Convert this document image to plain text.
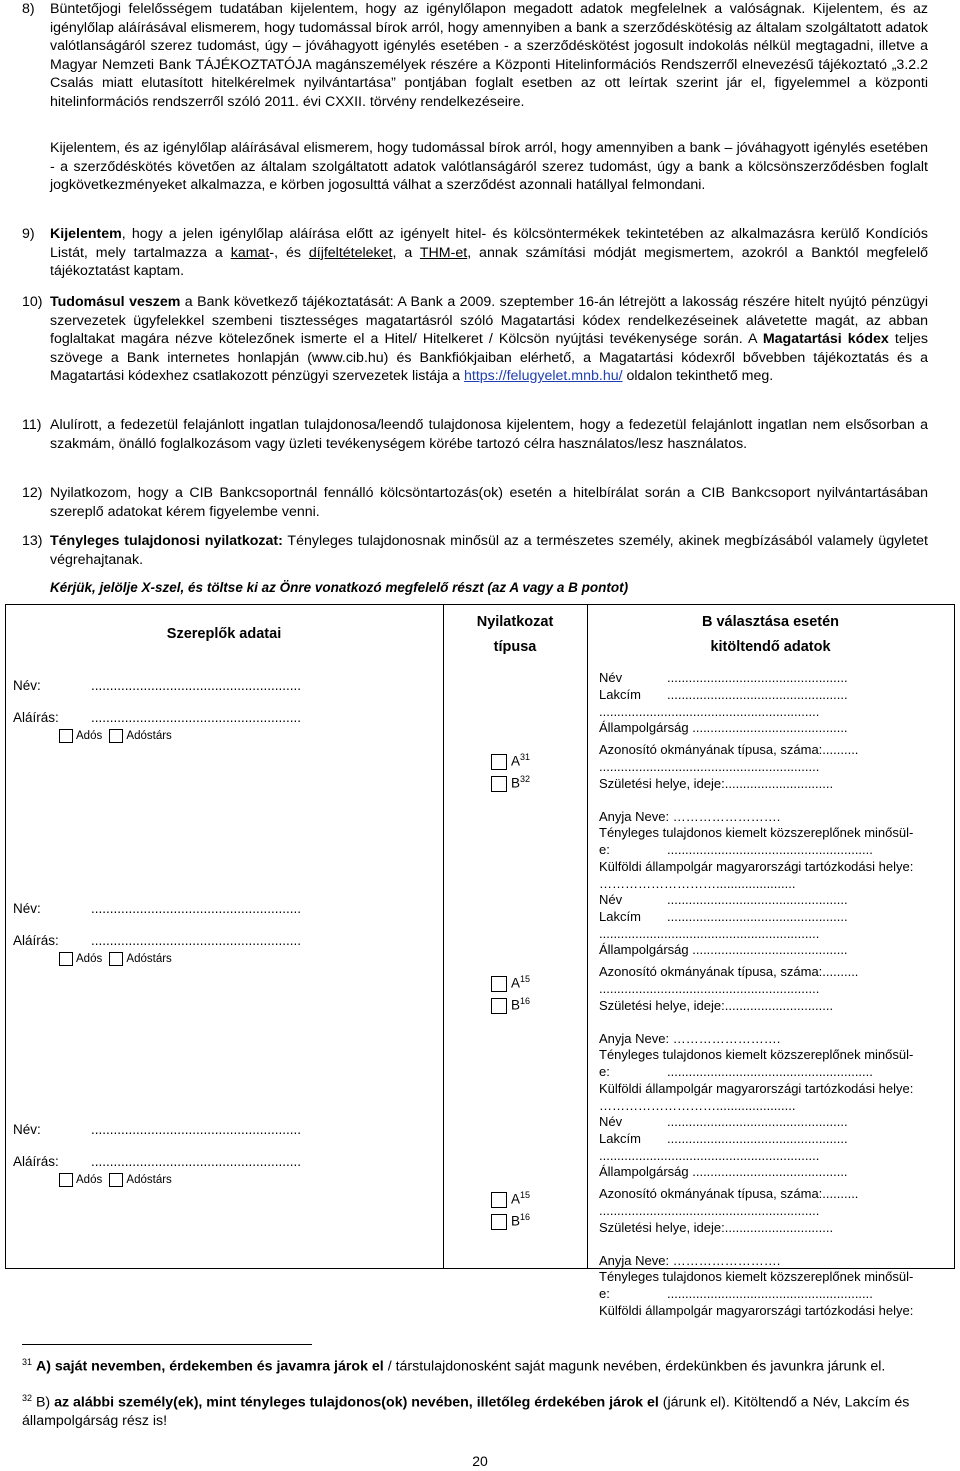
8) Büntetőjogi felelősségem tudatában kijelentem, hogy az igénylőlapon megadott adatok megfelelnek a valóságnak. Kijelentem, és az igénylőlap aláírásával elismerem, hogy tudomással bírok arról, hogy amennyiben a bank a szerződéskötésig az általam szolgáltatott adatok valótlanságáról szerez tudomást, úgy – jóváhagyott igénylés esetében - a szerződéskötést jogosult indokolás nélkül megtagadni, illetve a Magyar Nemzeti Bank TÁJÉKOZTATÓJA magánszemélyek részére a Központi Hitelinformációs Rendszerről elnevezésű tájékoztató „3.2.2 Csalás miatt elutasított hitelkérelmek nyilvántartása” pontjában foglalt esetben az ott leírtak szerint jár el, figyelemmel a központi hitelinformációs rendszerről szóló 2011. évi CXXII. törvény rendelkezéseire.
Kijelentem, és az igénylőlap aláírásával elismerem, hogy tudomással bírok arról, hogy amennyiben a bank – jóváhagyott igénylés esetében - a szerződéskötés követően az általam szolgáltatott adatok valótlanságáról szerez tudomást, úgy a bank a kölcsönszerződésben foglalt jogkövetkezményeket alkalmazza, e körben jogosulttá válhat a szerződést azonnali hatállyal felmondani.
9) Kijelentem, hogy a jelen igénylőlap aláírása előtt az igényelt hitel- és kölcsöntermékek tekintetében az alkalmazásra kerülő Kondíciós Listát, mely tartalmazza a kamat-, és díjfeltételeket, a THM-et, annak számítási módját megismertem, azokról a Banktól megfelelő tájékoztatást kaptam.
10) Tudomásul veszem a Bank következő tájékoztatását: A Bank a 2009. szeptember 16-án létrejött a lakosság részére hitelt nyújtó pénzügyi szervezetek ügyfelekkel szembeni tisztességes magatartásról szóló Magatartási kódex rendelkezéseinek alávetette magát, az abban foglaltakat magára nézve kötelezőnek ismerte el a Hitel/ Hitelkeret / Kölcsön nyújtási tevékenysége során. A Magatartási kódex teljes szövege a Bank internetes honlapján (www.cib.hu) és Bankfiókjaiban elérhető, a Magatartási kódexről bővebben tájékoztatás és a Magatartási kódexhez csatlakozott pénzügyi szervezetek listája a https://felugyelet.mnb.hu/ oldalon tekinthető meg.
11) Alulírott, a fedezetül felajánlott ingatlan tulajdonosa/leendő tulajdonosa kijelentem, hogy a fedezetül felajánlott ingatlan nem elsősorban a szakmám, önálló foglalkozásom vagy üzleti tevékenységem körébe tartozó célra használatos/lesz használatos.
12) Nyilatkozom, hogy a CIB Bankcsoportnál fennálló kölcsöntartozás(ok) esetén a hitelbírálat során a CIB Bankcsoport nyilvántartásában szereplő adatokat kérem figyelembe venni.
13) Tényleges tulajdonosi nyilatkozat: Tényleges tulajdonosnak minősül az a természetes személy, akinek megbízásából valamely ügyletet végrehajtanak.
Kérjük, jelölje X-szel, és töltse ki az Önre vonatkozó megfelelő részt (az A vagy a B pontot)
Szereplők adatai
Nyilatkozat
típusa
B választása esetén
kitöltendő adatok
Név:	........................................................
Aláírás: ........................................................
Adós Adóstárs
$A^{31}$
$B^{32}$
Név	..................................................
Lakcím ..................................................
.............................................................
Állampolgárság ...........................................
Azonosító okmányának típusa, száma:..........
.............................................................
Születési helye, ideje:..............................
Anyja Neve: …………………….
Tényleges tulajdonos kiemelt közszereplőnek minősül-
e:	.........................................................
Külföldi állampolgár magyarországi tartózkodási helye:
………………………......................
Név:	........................................................
Aláírás: ........................................................
Adós Adóstárs
$A^{15}$
$B^{16}$
Név	..................................................
Lakcím ..................................................
.............................................................
Állampolgárság ...........................................
Azonosító okmányának típusa, száma:..........
.............................................................
Születési helye, ideje:..............................
Anyja Neve: …………………….
Tényleges tulajdonos kiemelt közszereplőnek minősül-
e:	.........................................................
Külföldi állampolgár magyarországi tartózkodási helye:
………………………......................
Név:	........................................................
Aláírás: ........................................................
Adós Adóstárs
$A^{15}$
$B^{16}$
Név	..................................................
Lakcím ..................................................
.............................................................
Állampolgárság ...........................................
Azonosító okmányának típusa, száma:..........
.............................................................
Születési helye, ideje:..............................
Anyja Neve: …………………….
Tényleges tulajdonos kiemelt közszereplőnek minősül-
e:	.........................................................
Külföldi állampolgár magyarországi tartózkodási helye:
$^{31}$ A) saját nevemben, érdekemben és javamra járok el / társtulajdonosként saját magunk nevében, érdekünkben és javunkra járunk el.
$^{32}$ B) az alábbi személy(ek), mint tényleges tulajdonos(ok) nevében, illetőleg érdekében járok el (járunk el). Kitöltendő a Név, Lakcím és állampolgárság rész is!
20
